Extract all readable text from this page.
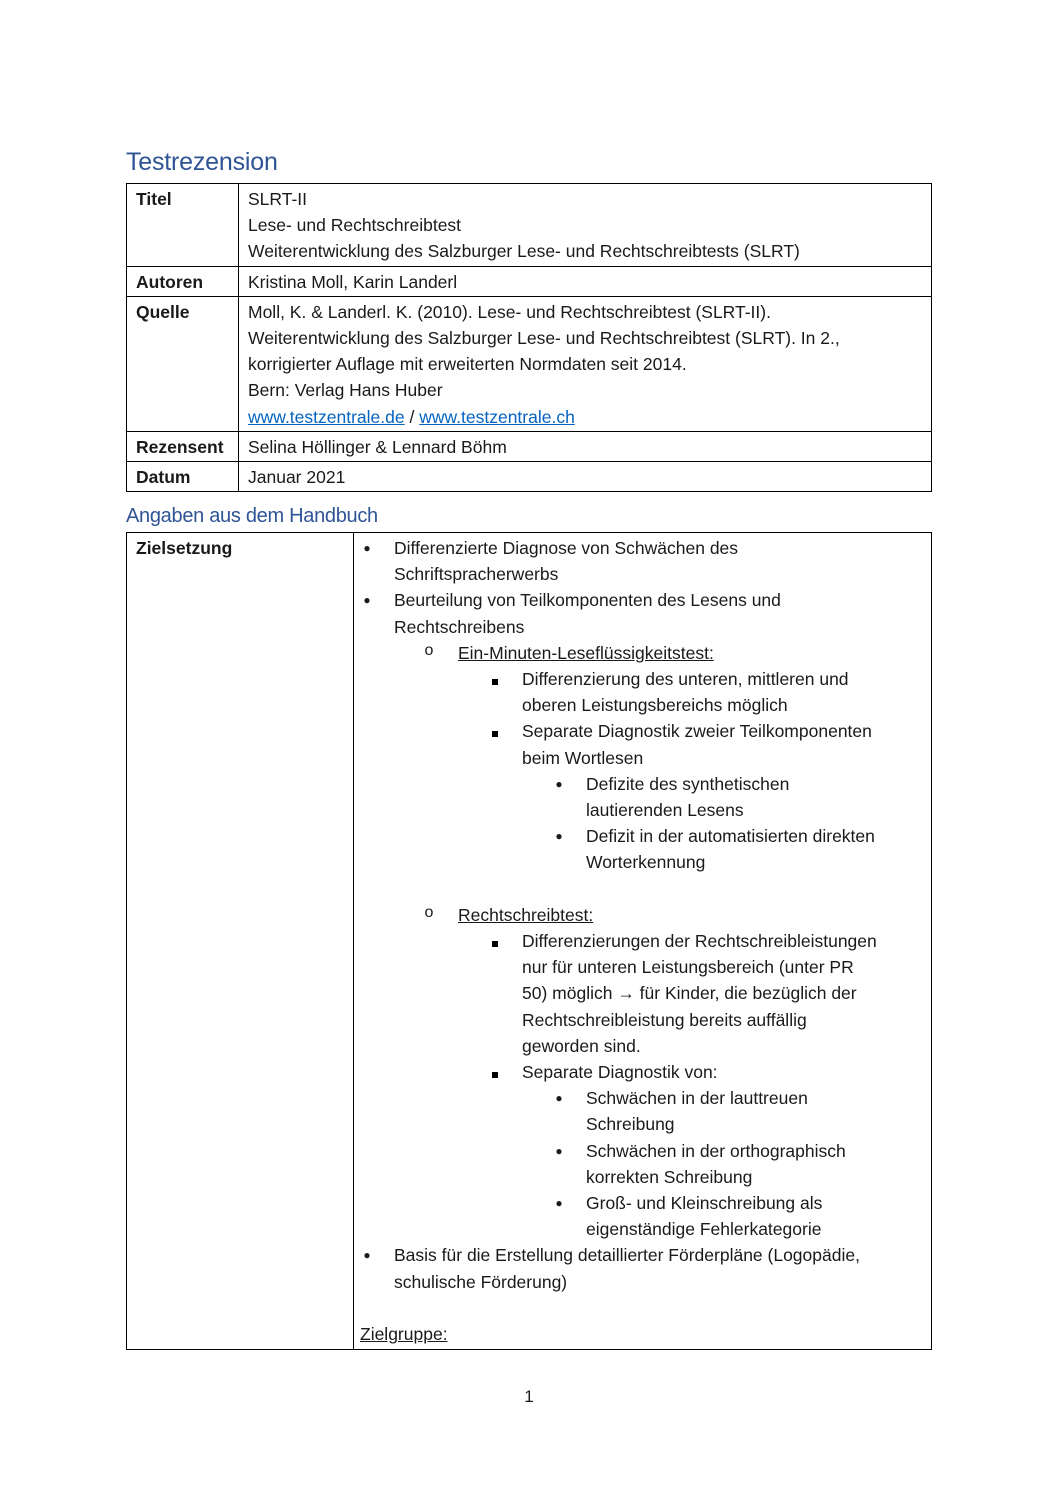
Testrezension
Titel	SLRT-II
Lese- und Rechtschreibtest
Weiterentwicklung des Salzburger Lese- und Rechtschreibtests (SLRT)

Autoren	Kristina Moll, Karin Landerl
Quelle	Moll, K. & Landerl. K. (2010). Lese- und Rechtschreibtest (SLRT-II).
Weiterentwicklung des Salzburger Lese- und Rechtschreibtest (SLRT). In 2.,
korrigierter Auflage mit erweiterten Normdaten seit 2014.
Bern: Verlag Hans Huber
www.testzentrale.de / www.testzentrale.ch

Rezensent	Selina Höllinger & Lennard Böhm
Datum	Januar 2021
Angaben aus dem Handbuch
Zielsetzung	● Differenzierte Diagnose von Schwächen des
Schriftspracherwerbs
● Beurteilung von Teilkomponenten des Lesens und
Rechtschreibens
o Ein-Minuten-Leseflüssigkeitstest:
Differenzierung des unteren, mittleren und
oberen Leistungsbereichs möglich
Separate Diagnostik zweier Teilkomponenten
beim Wortlesen
● Defizite des synthetischen
lautierenden Lesens
● Defizit in der automatisierten direkten
Worterkennung
o Rechtschreibtest:
Differenzierungen der Rechtschreibleistungen
nur für unteren Leistungsbereich (unter PR
50) möglich → für Kinder, die bezüglich der
Rechtschreibleistung bereits auffällig
geworden sind.
Separate Diagnostik von:
● Schwächen in der lauttreuen
Schreibung
● Schwächen in der orthographisch
korrekten Schreibung
● Groß- und Kleinschreibung als
eigenständige Fehlerkategorie
● Basis für die Erstellung detaillierter Förderpläne (Logopädie,
schulische Förderung)
Zielgruppe:
1
